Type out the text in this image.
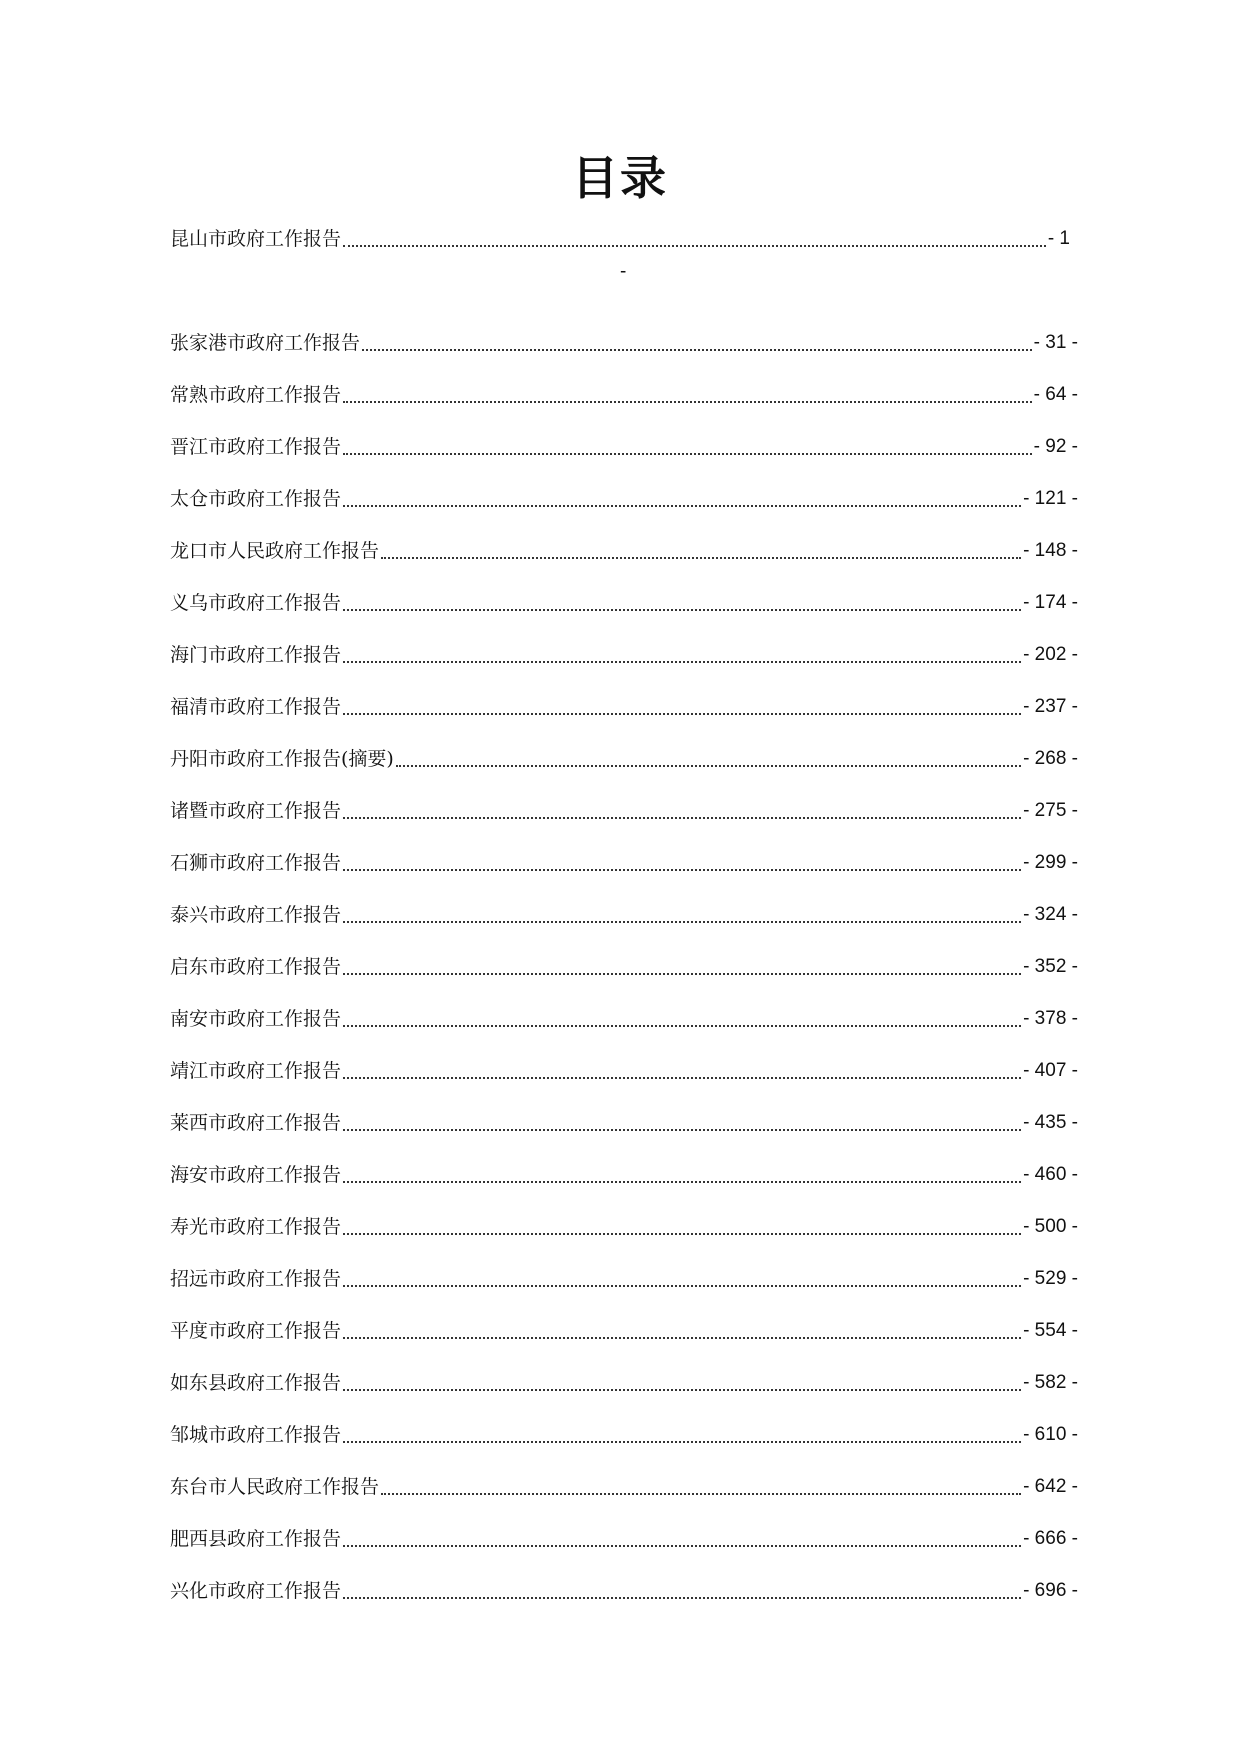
目录
昆山市政府工作报告	- 1
-
张家港市政府工作报告	- 31 -
常熟市政府工作报告	- 64 -
晋江市政府工作报告	- 92 -
太仓市政府工作报告	- 121 -
龙口市人民政府工作报告	- 148 -
义乌市政府工作报告	- 174 -
海门市政府工作报告	- 202 -
福清市政府工作报告	- 237 -
丹阳市政府工作报告(摘要)	- 268 -
诸暨市政府工作报告	- 275 -
石狮市政府工作报告	- 299 -
泰兴市政府工作报告	- 324 -
启东市政府工作报告	- 352 -
南安市政府工作报告	- 378 -
靖江市政府工作报告	- 407 -
莱西市政府工作报告	- 435 -
海安市政府工作报告	- 460 -
寿光市政府工作报告	- 500 -
招远市政府工作报告	- 529 -
平度市政府工作报告	- 554 -
如东县政府工作报告	- 582 -
邹城市政府工作报告	- 610 -
东台市人民政府工作报告	- 642 -
肥西县政府工作报告	- 666 -
兴化市政府工作报告	- 696 -
